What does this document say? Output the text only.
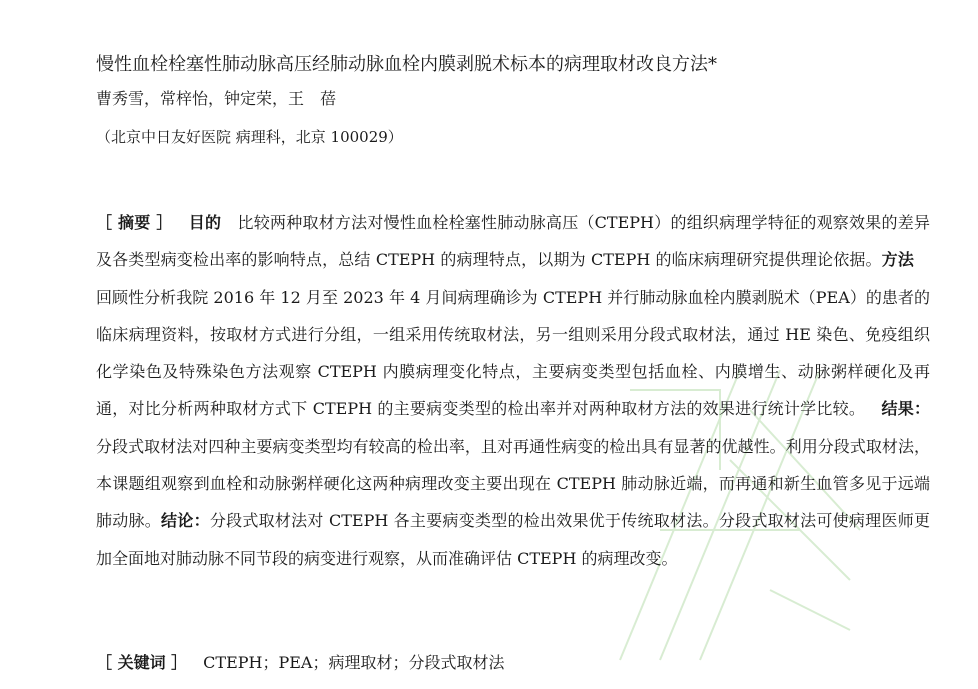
慢性血栓栓塞性肺动脉高压经肺动脉血栓内膜剥脱术标本的病理取材改良方法*
曹秀雪，常梓怡，钟定荣，王　蓓
（北京中日友好医院 病理科，北京 100029）

［ 摘要 ］ 目的 比较两种取材方法对慢性血栓栓塞性肺动脉高压（CTEPH）的组织病理学特征的观察效果的差异及各类型病变检出率的影响特点，总结 CTEPH 的病理特点，以期为 CTEPH 的临床病理研究提供理论依据。方法回顾性分析我院 2016 年 12 月至 2023 年 4 月间病理确诊为 CTEPH 并行肺动脉血栓内膜剥脱术（PEA）的患者的临床病理资料，按取材方式进行分组，一组采用传统取材法，另一组则采用分段式取材法，通过 HE 染色、免疫组织化学染色及特殊染色方法观察 CTEPH 内膜病理变化特点，主要病变类型包括血栓、内膜增生、动脉粥样硬化及再通，对比分析两种取材方式下 CTEPH 的主要病变类型的检出率并对两种取材方法的效果进行统计学比较。 结果：分段式取材法对四种主要病变类型均有较高的检出率，且对再通性病变的检出具有显著的优越性。利用分段式取材法，本课题组观察到血栓和动脉粥样硬化这两种病理改变主要出现在 CTEPH 肺动脉近端，而再通和新生血管多见于远端肺动脉。结论：分段式取材法对 CTEPH 各主要病变类型的检出效果优于传统取材法。分段式取材法可使病理医师更加全面地对肺动脉不同节段的病变进行观察，从而准确评估 CTEPH 的病理改变。

［ 关键词 ］ CTEPH；PEA；病理取材；分段式取材法
